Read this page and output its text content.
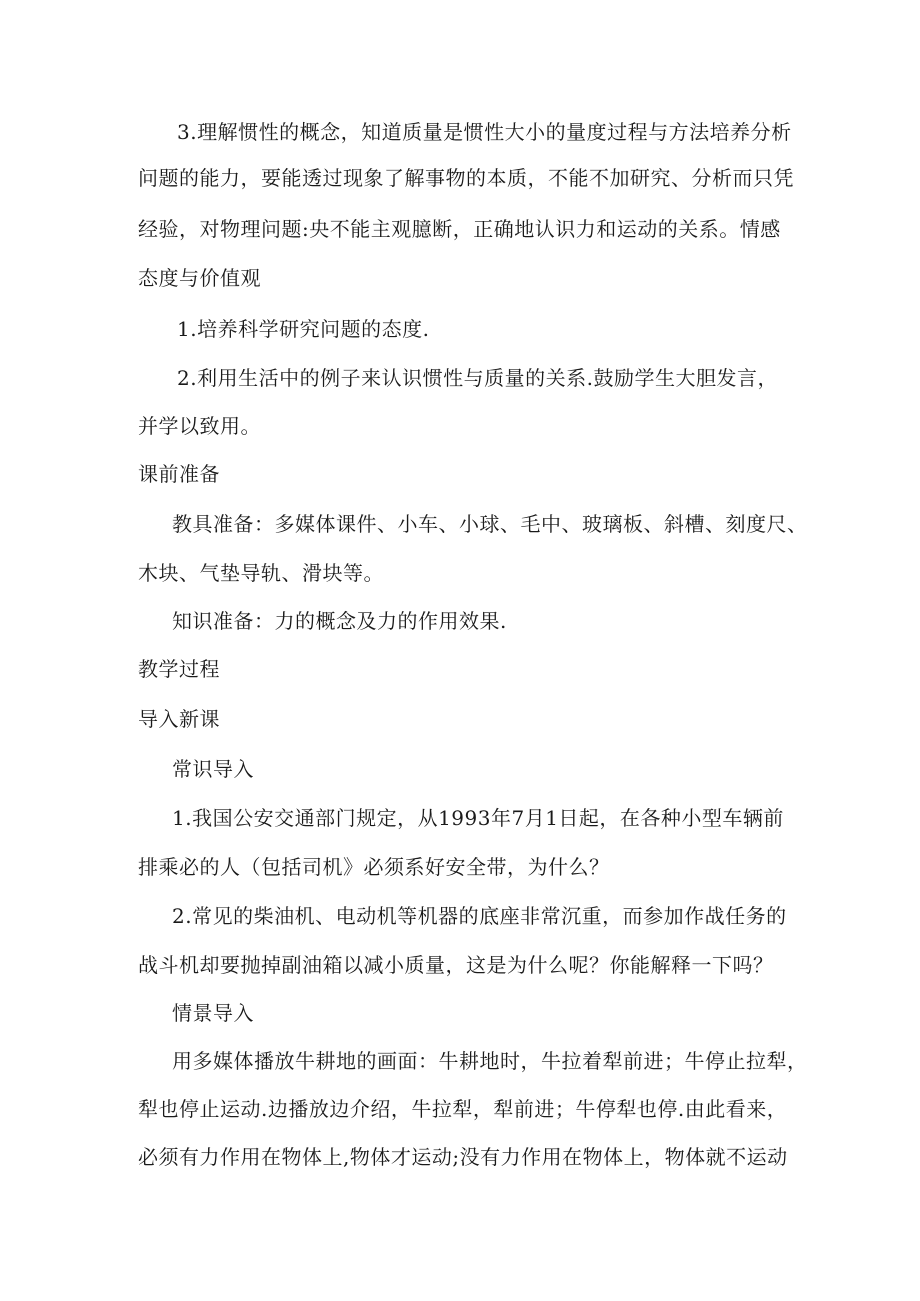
3.理解惯性的概念，知道质量是惯性大小的量度过程与方法培养分析
问题的能力，要能透过现象了解事物的本质，不能不加研究、分析而只凭
经验，对物理问题:央不能主观臆断，正确地认识力和运动的关系。情感
态度与价值观
1.培养科学研究问题的态度.
2.利用生活中的例子来认识惯性与质量的关系.鼓励学生大胆发言，
并学以致用。
课前准备
教具准备：多媒体课件、小车、小球、毛中、玻璃板、斜槽、刻度尺、
木块、气垫导轨、滑块等。
知识准备：力的概念及力的作用效果.
教学过程
导入新课
常识导入
1.我国公安交通部门规定，从1993年7月1日起，在各种小型车辆前
排乘必的人（包括司机》必须系好安全带，为什么？
2.常见的柴油机、电动机等机器的底座非常沉重，而参加作战任务的
战斗机却要抛掉副油箱以减小质量，这是为什么呢？你能解释一下吗？
情景导入
用多媒体播放牛耕地的画面：牛耕地时，牛拉着犁前进；牛停止拉犁，
犁也停止运动.边播放边介绍，牛拉犁，犁前进；牛停犁也停.由此看来，
必须有力作用在物体上,物体才运动;没有力作用在物体上，物体就不运动
